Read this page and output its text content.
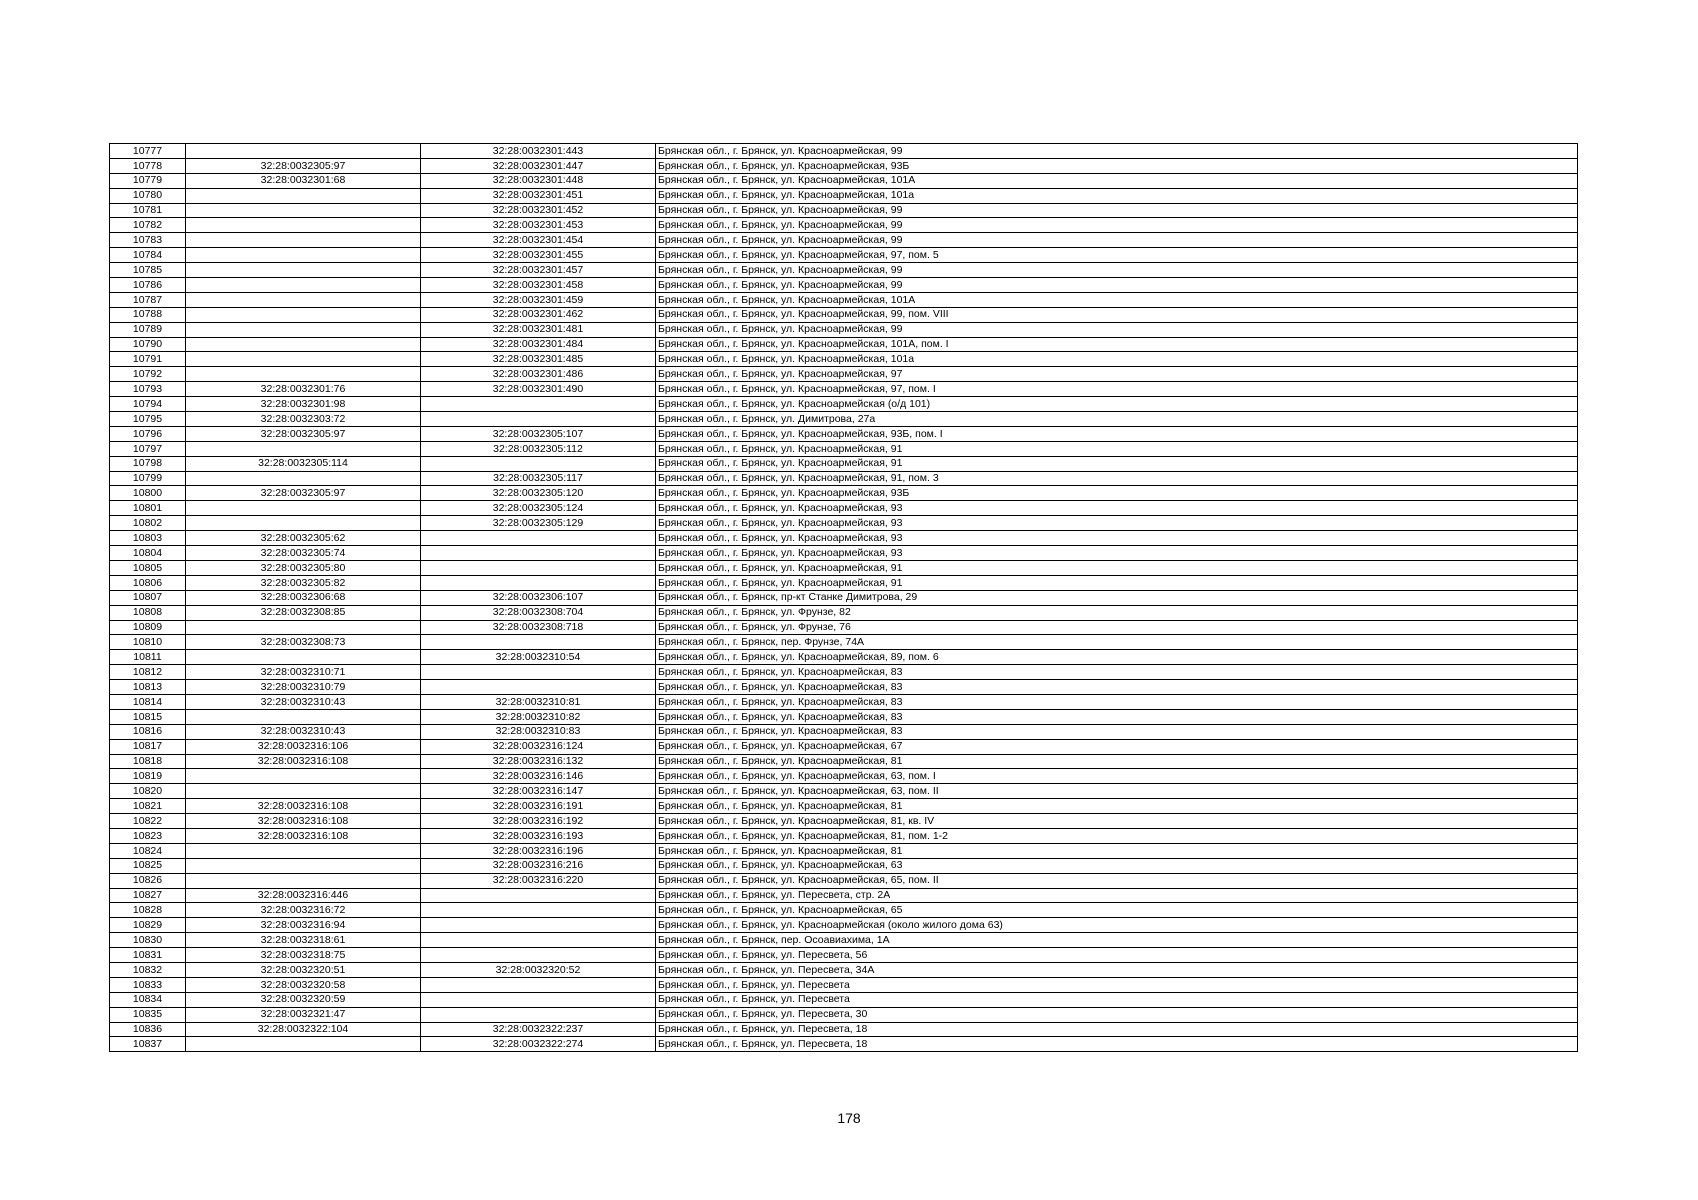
10777		32:28:0032301:443	Брянская обл., г. Брянск, ул. Красноармейская, 99
10778	32:28:0032305:97	32:28:0032301:447	Брянская обл., г. Брянск, ул. Красноармейская, 93Б
10779	32:28:0032301:68	32:28:0032301:448	Брянская обл., г. Брянск, ул. Красноармейская, 101А
10780		32:28:0032301:451	Брянская обл., г. Брянск, ул. Красноармейская, 101а
10781		32:28:0032301:452	Брянская обл., г. Брянск, ул. Красноармейская, 99
10782		32:28:0032301:453	Брянская обл., г. Брянск, ул. Красноармейская, 99
10783		32:28:0032301:454	Брянская обл., г. Брянск, ул. Красноармейская, 99
10784		32:28:0032301:455	Брянская обл., г. Брянск, ул. Красноармейская, 97, пом. 5
10785		32:28:0032301:457	Брянская обл., г. Брянск, ул. Красноармейская, 99
10786		32:28:0032301:458	Брянская обл., г. Брянск, ул. Красноармейская, 99
10787		32:28:0032301:459	Брянская обл., г. Брянск, ул. Красноармейская, 101А
10788		32:28:0032301:462	Брянская обл., г. Брянск, ул. Красноармейская, 99, пом. VIII
10789		32:28:0032301:481	Брянская обл., г. Брянск, ул. Красноармейская, 99
10790		32:28:0032301:484	Брянская обл., г. Брянск, ул. Красноармейская, 101А, пом. I
10791		32:28:0032301:485	Брянская обл., г. Брянск, ул. Красноармейская, 101а
10792		32:28:0032301:486	Брянская обл., г. Брянск, ул. Красноармейская, 97
10793	32:28:0032301:76	32:28:0032301:490	Брянская обл., г. Брянск, ул. Красноармейская, 97, пом. I
10794	32:28:0032301:98		Брянская обл., г. Брянск, ул. Красноармейская (о/д 101)
10795	32:28:0032303:72		Брянская обл., г. Брянск, ул. Димитрова, 27а
10796	32:28:0032305:97	32:28:0032305:107	Брянская обл., г. Брянск, ул. Красноармейская, 93Б, пом. I
10797		32:28:0032305:112	Брянская обл., г. Брянск, ул. Красноармейская, 91
10798	32:28:0032305:114		Брянская обл., г. Брянск, ул. Красноармейская, 91
10799		32:28:0032305:117	Брянская обл., г. Брянск, ул. Красноармейская, 91, пом. 3
10800	32:28:0032305:97	32:28:0032305:120	Брянская обл., г. Брянск, ул. Красноармейская, 93Б
10801		32:28:0032305:124	Брянская обл., г. Брянск, ул. Красноармейская, 93
10802		32:28:0032305:129	Брянская обл., г. Брянск, ул. Красноармейская, 93
10803	32:28:0032305:62		Брянская обл., г. Брянск, ул. Красноармейская, 93
10804	32:28:0032305:74		Брянская обл., г. Брянск, ул. Красноармейская, 93
10805	32:28:0032305:80		Брянская обл., г. Брянск, ул. Красноармейская, 91
10806	32:28:0032305:82		Брянская обл., г. Брянск, ул. Красноармейская, 91
10807	32:28:0032306:68	32:28:0032306:107	Брянская обл., г. Брянск, пр-кт Станке Димитрова, 29
10808	32:28:0032308:85	32:28:0032308:704	Брянская обл., г. Брянск, ул. Фрунзе, 82
10809		32:28:0032308:718	Брянская обл., г. Брянск, ул. Фрунзе, 76
10810	32:28:0032308:73		Брянская обл., г. Брянск, пер. Фрунзе, 74А
10811		32:28:0032310:54	Брянская обл., г. Брянск, ул. Красноармейская, 89, пом. 6
10812	32:28:0032310:71		Брянская обл., г. Брянск, ул. Красноармейская, 83
10813	32:28:0032310:79		Брянская обл., г. Брянск, ул. Красноармейская, 83
10814	32:28:0032310:43	32:28:0032310:81	Брянская обл., г. Брянск, ул. Красноармейская, 83
10815		32:28:0032310:82	Брянская обл., г. Брянск, ул. Красноармейская, 83
10816	32:28:0032310:43	32:28:0032310:83	Брянская обл., г. Брянск, ул. Красноармейская, 83
10817	32:28:0032316:106	32:28:0032316:124	Брянская обл., г. Брянск, ул. Красноармейская, 67
10818	32:28:0032316:108	32:28:0032316:132	Брянская обл., г. Брянск, ул. Красноармейская, 81
10819		32:28:0032316:146	Брянская обл., г. Брянск, ул. Красноармейская, 63, пом. I
10820		32:28:0032316:147	Брянская обл., г. Брянск, ул. Красноармейская, 63, пом. II
10821	32:28:0032316:108	32:28:0032316:191	Брянская обл., г. Брянск, ул. Красноармейская, 81
10822	32:28:0032316:108	32:28:0032316:192	Брянская обл., г. Брянск, ул. Красноармейская, 81, кв. IV
10823	32:28:0032316:108	32:28:0032316:193	Брянская обл., г. Брянск, ул. Красноармейская, 81, пом. 1-2
10824		32:28:0032316:196	Брянская обл., г. Брянск, ул. Красноармейская, 81
10825		32:28:0032316:216	Брянская обл., г. Брянск, ул. Красноармейская, 63
10826		32:28:0032316:220	Брянская обл., г. Брянск, ул. Красноармейская, 65, пом. II
10827	32:28:0032316:446		Брянская обл., г. Брянск, ул. Пересвета, стр. 2А
10828	32:28:0032316:72		Брянская обл., г. Брянск, ул. Красноармейская, 65
10829	32:28:0032316:94		Брянская обл., г. Брянск, ул. Красноармейская (около жилого дома 63)
10830	32:28:0032318:61		Брянская обл., г. Брянск, пер. Осоавиахима, 1А
10831	32:28:0032318:75		Брянская обл., г. Брянск, ул. Пересвета, 56
10832	32:28:0032320:51	32:28:0032320:52	Брянская обл., г. Брянск, ул. Пересвета, 34А
10833	32:28:0032320:58		Брянская обл., г. Брянск, ул. Пересвета
10834	32:28:0032320:59		Брянская обл., г. Брянск, ул. Пересвета
10835	32:28:0032321:47		Брянская обл., г. Брянск, ул. Пересвета, 30
10836	32:28:0032322:104	32:28:0032322:237	Брянская обл., г. Брянск, ул. Пересвета, 18
10837		32:28:0032322:274	Брянская обл., г. Брянск, ул. Пересвета, 18
178
